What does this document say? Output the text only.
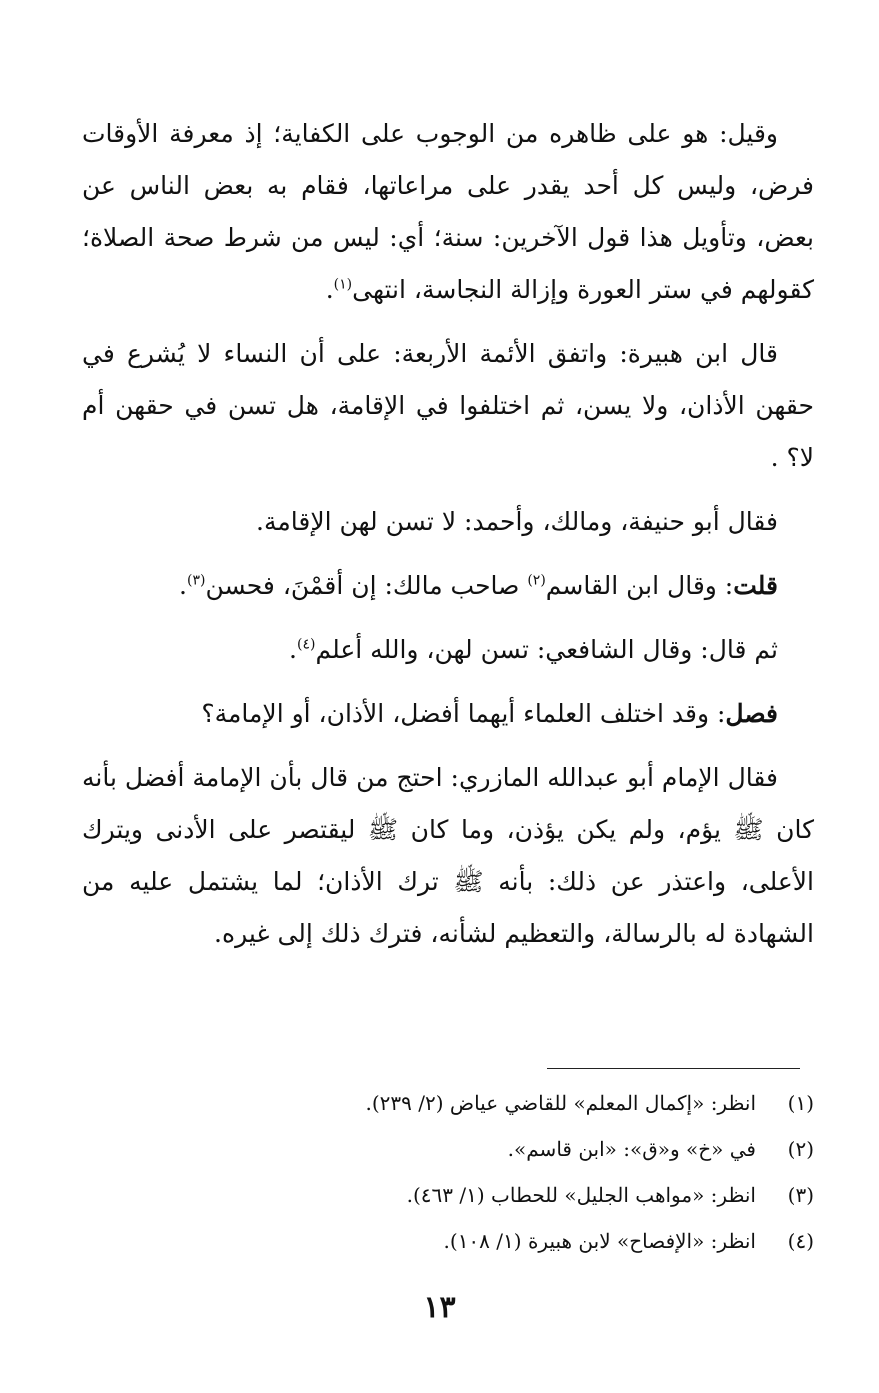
وقيل: هو على ظاهره من الوجوب على الكفاية؛ إذ معرفة الأوقات فرض، وليس كل أحد يقدر على مراعاتها، فقام به بعض الناس عن بعض، وتأويل هذا قول الآخرين: سنة؛ أي: ليس من شرط صحة الصلاة؛ كقولهم في ستر العورة وإزالة النجاسة، انتهى$^{(١)}$.

قال ابن هبيرة: واتفق الأئمة الأربعة: على أن النساء لا يُشرع في حقهن الأذان، ولا يسن، ثم اختلفوا في الإقامة، هل تسن في حقهن أم لا؟ .

فقال أبو حنيفة، ومالك، وأحمد: لا تسن لهن الإقامة.

قلت: وقال ابن القاسم$^{(٢)}$ صاحب مالك: إن أقمْنَ، فحسن$^{(٣)}$.

ثم قال: وقال الشافعي: تسن لهن، والله أعلم$^{(٤)}$.

فصل: وقد اختلف العلماء أيهما أفضل، الأذان، أو الإمامة؟

فقال الإمام أبو عبدالله المازري: احتج من قال بأن الإمامة أفضل بأنه كان ﷺ يؤم، ولم يكن يؤذن، وما كان ﷺ ليقتصر على الأدنى ويترك الأعلى، واعتذر عن ذلك: بأنه ﷺ ترك الأذان؛ لما يشتمل عليه من الشهادة له بالرسالة، والتعظيم لشأنه، فترك ذلك إلى غيره.

(١)انظر: «إكمال المعلم» للقاضي عياض (٢/ ٢٣٩).
(٢)في «خ» و«ق»: «ابن قاسم».
(٣)انظر: «مواهب الجليل» للحطاب (١/ ٤٦٣).
(٤)انظر: «الإفصاح» لابن هبيرة (١/ ١٠٨).
١٣
